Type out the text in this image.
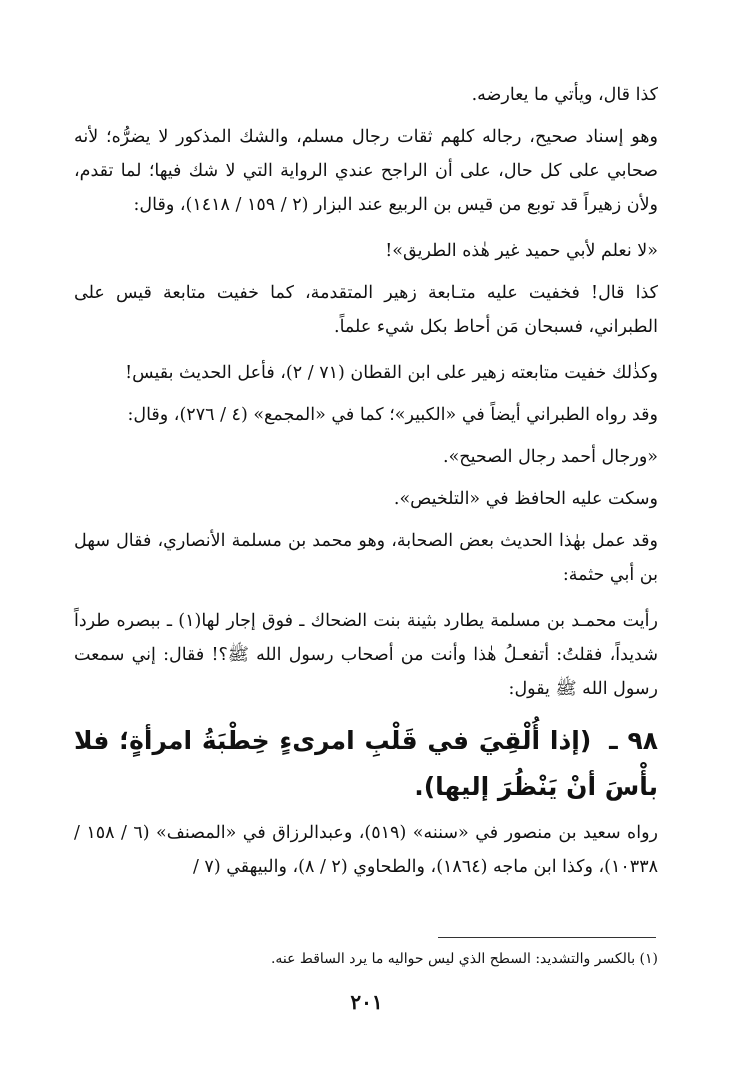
كذا قال، ويأتي ما يعارضه.

وهو إسناد صحيح، رجاله كلهم ثقات رجال مسلم، والشك المذكور لا يضرُّه؛ لأنه صحابي على كل حال، على أن الراجح عندي الرواية التي لا شك فيها؛ لما تقدم، ولأن زهيراً قد توبع من قيس بن الربيع عند البزار (٢ / ١٥٩ / ١٤١٨)، وقال:

«لا نعلم لأبي حميد غير هٰذه الطريق»!

كذا قال! فخفيت عليه متـابعة زهير المتقدمة، كما خفيت متابعة قيس على الطبراني، فسبحان مَن أحاط بكل شيء علماً.

وكذٰلك خفيت متابعته زهير على ابن القطان (٧١ / ٢)، فأعل الحديث بقيس!

وقد رواه الطبراني أيضاً في «الكبير»؛ كما في «المجمع» (٤ / ٢٧٦)، وقال:

«ورجال أحمد رجال الصحيح».

وسكت عليه الحافظ في «التلخيص».

وقد عمل بهٰذا الحديث بعض الصحابة، وهو محمد بن مسلمة الأنصاري، فقال سهل بن أبي حثمة:

رأيت محمـد بن مسلمة يطارد بثينة بنت الضحاك ـ فوق إجار لها(١) ـ ببصره طرداً شديداً، فقلتُ: أتفعـلُ هٰذا وأنت من أصحاب رسول الله ﷺ؟! فقال: إني سمعت رسول الله ﷺ يقول:

٩٨ ـ (إذا أُلْقِيَ في قَلْبِ امرىءٍ خِطْبَةُ امرأةٍ؛ فلا بأْسَ أنْ يَنْظُرَ إليها).

رواه سعيد بن منصور في «سننه» (٥١٩)، وعبدالرزاق في «المصنف» (٦ / ١٥٨ / ١٠٣٣٨)، وكذا ابن ماجه (١٨٦٤)، والطحاوي (٢ / ٨)، والبيهقي (٧ /

(١) بالكسر والتشديد: السطح الذي ليس حواليه ما يرد الساقط عنه.
٢٠١
